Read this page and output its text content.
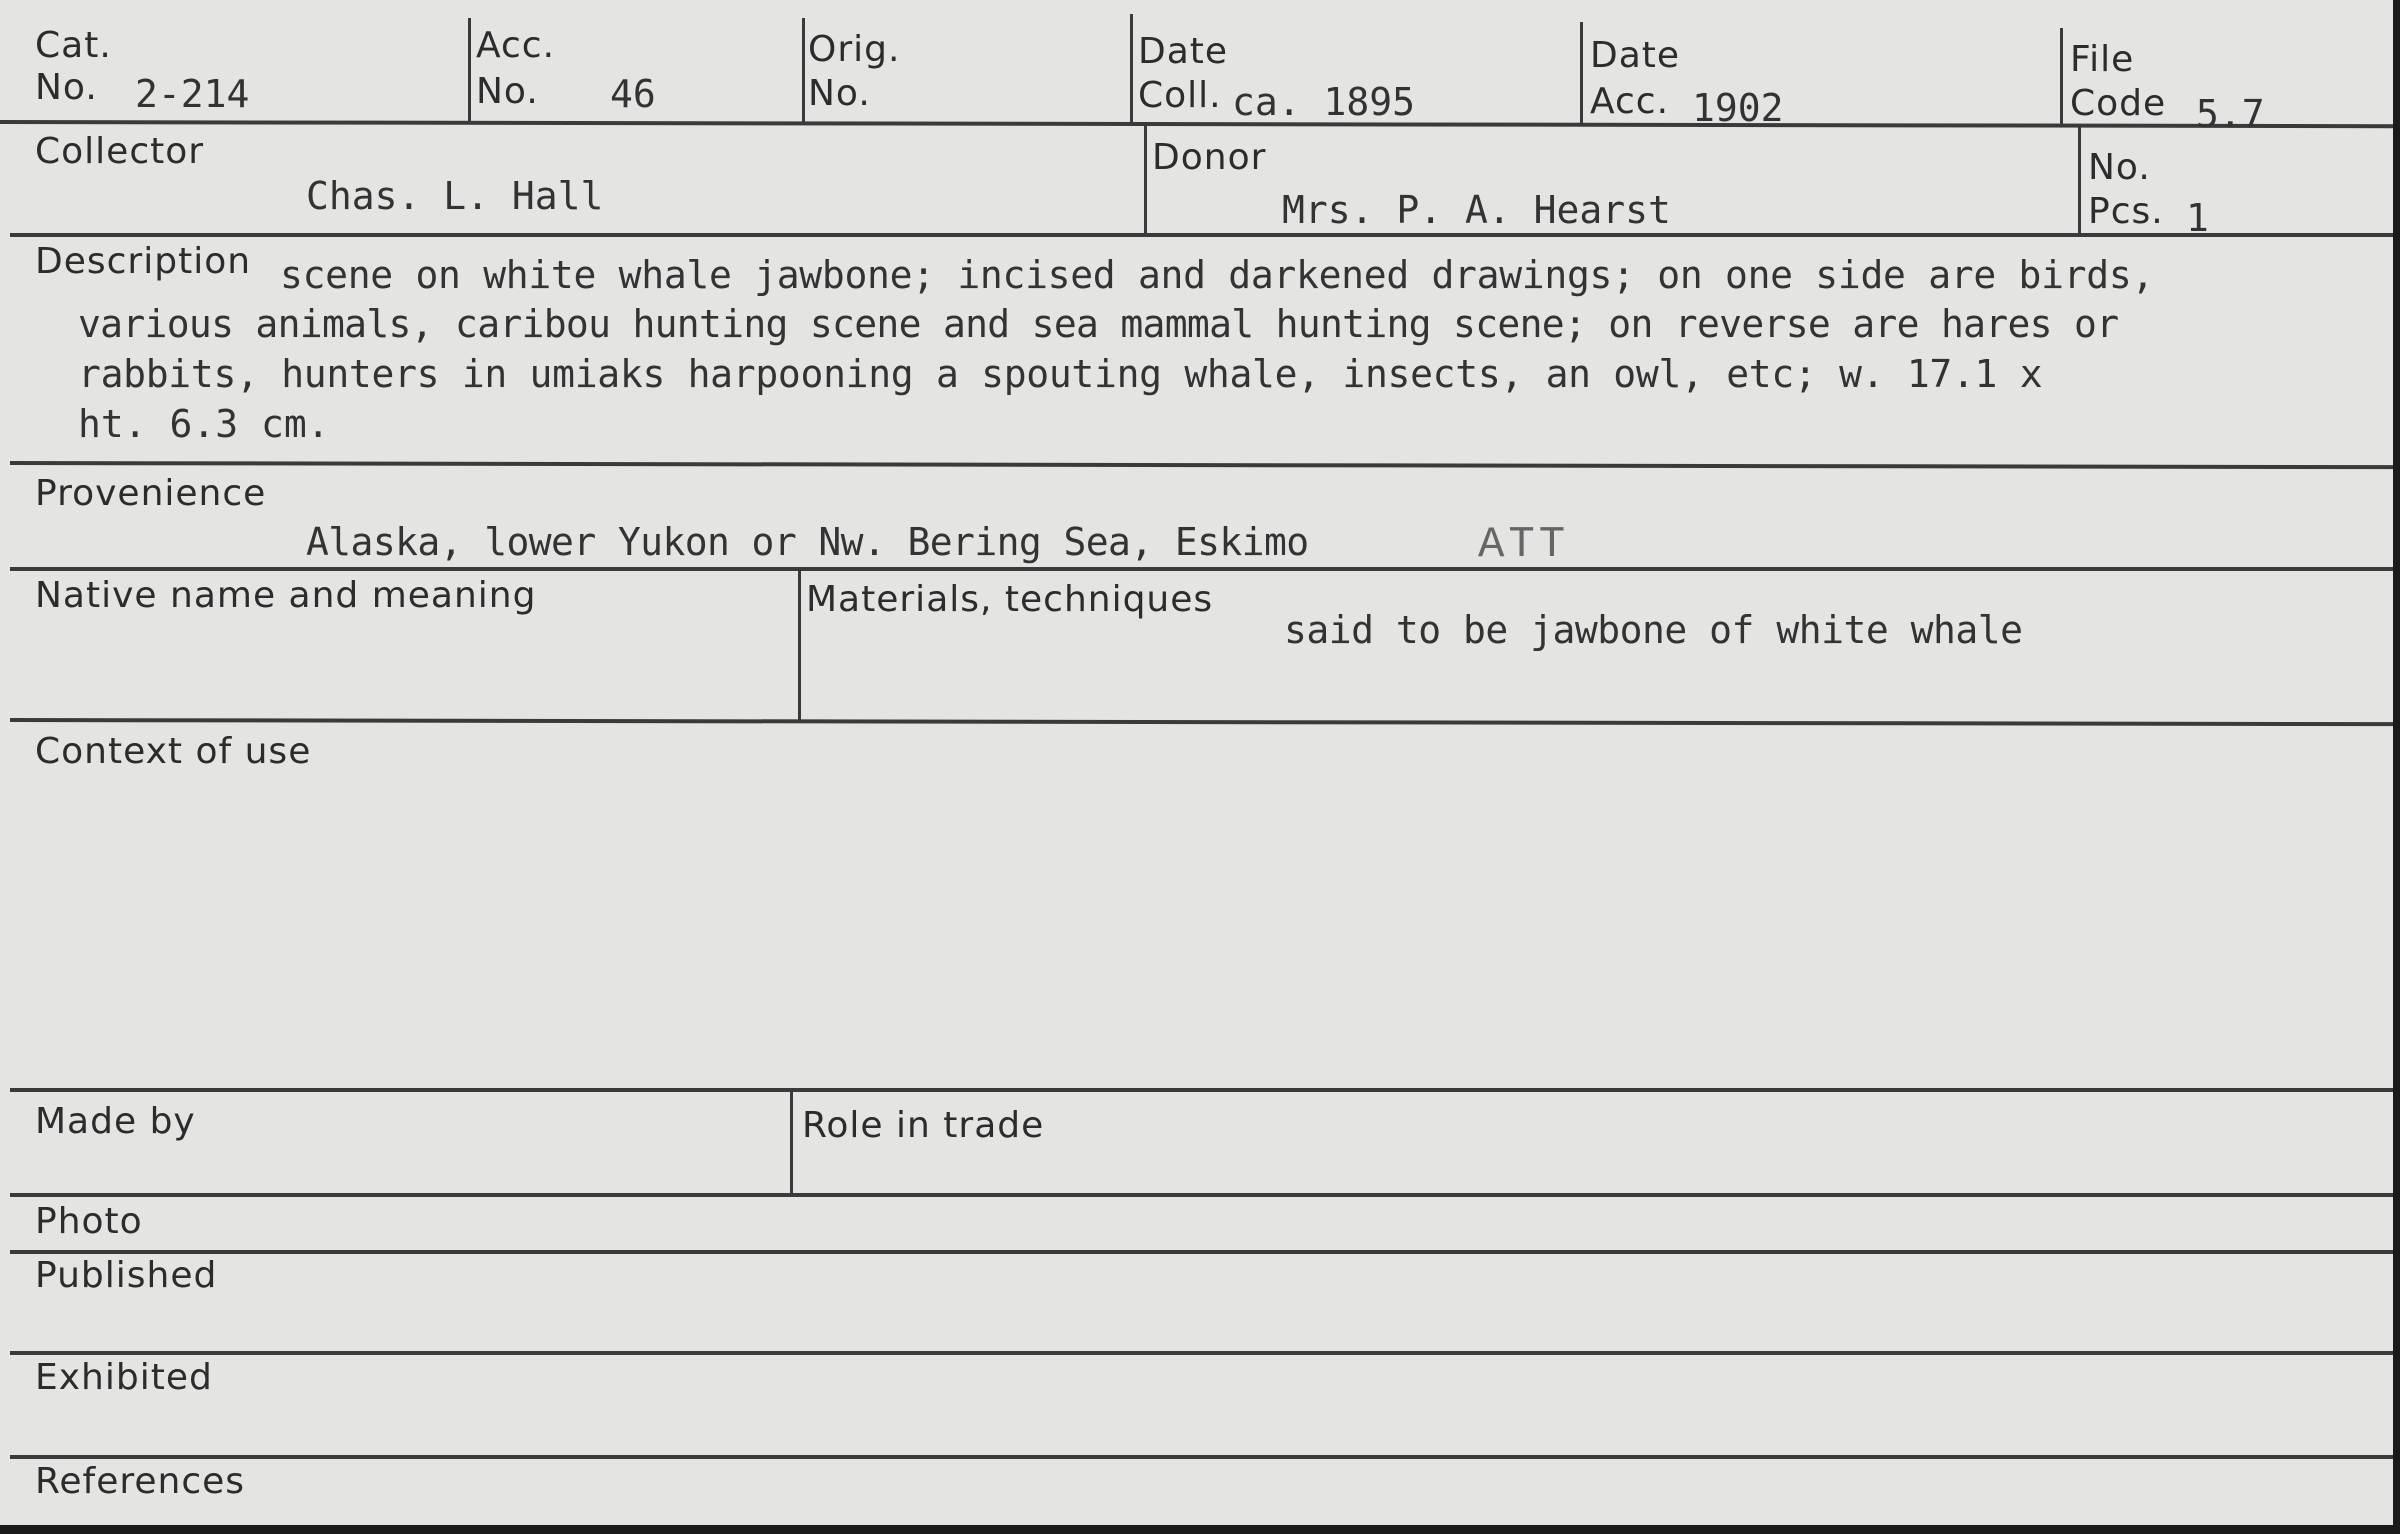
Cat.
No. 2-214
Acc.
No. 46
Orig.
No.
Date
Coll. ca. 1895
Date
Acc. 1902
File
Code 5.7
Collector
Chas. L. Hall
Donor
Mrs. P. A. Hearst
No.
Pcs. 1
Description scene on white whale jawbone; incised and darkened drawings; on one side are birds,
various animals, caribou hunting scene and sea mammal hunting scene; on reverse are hares or
rabbits, hunters in umiaks harpooning a spouting whale, insects, an owl, etc; w. 17.1 x
ht. 6.3 cm.
Provenience
Alaska, lower Yukon or Nw. Bering Sea, Eskimo	ATT
Native name and meaning	Materials, techniques
said to be jawbone of white whale
Context of use
Made by	Role in trade
Photo
Published
Exhibited
References
